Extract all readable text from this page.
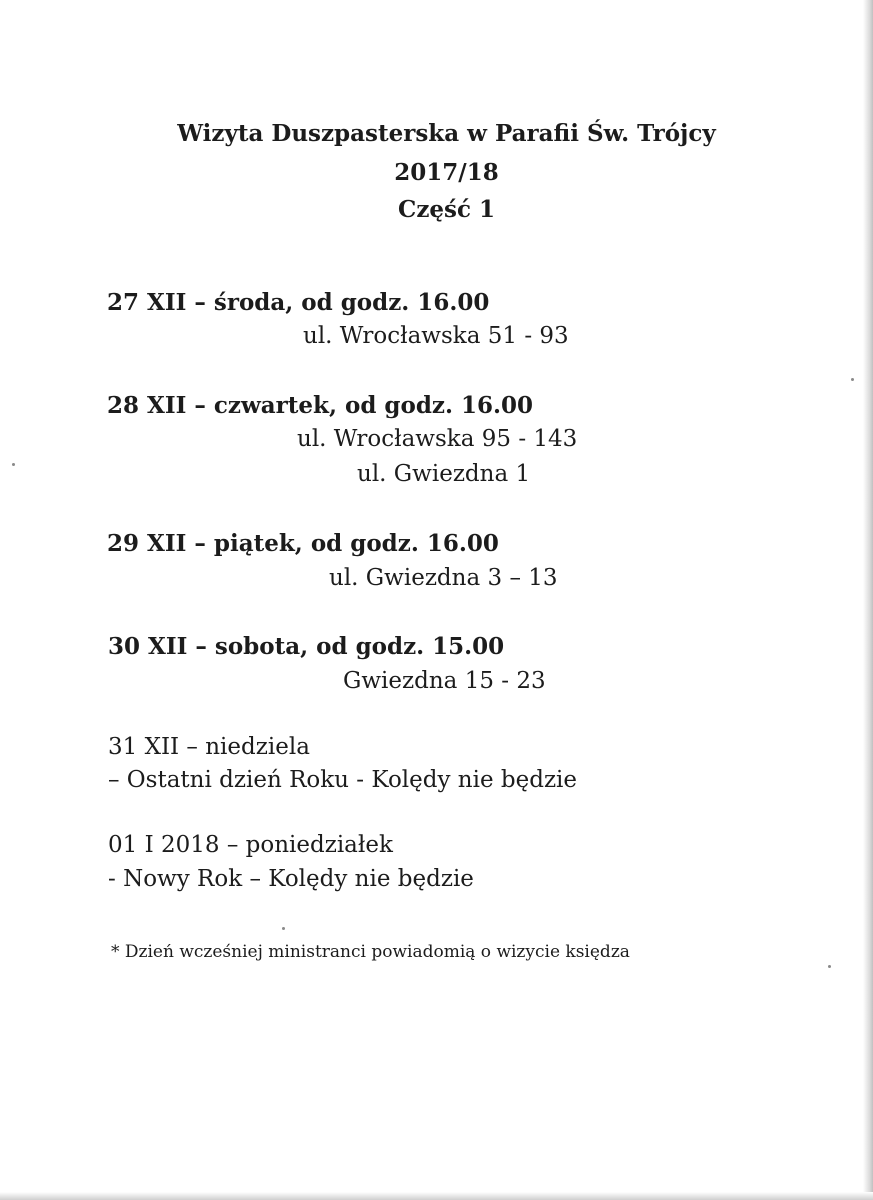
Wizyta Duszpasterska w Parafii Św. Trójcy
2017/18
Część 1
27 XII – środa, od godz. 16.00
ul. Wrocławska 51 - 93
28 XII – czwartek, od godz. 16.00
ul. Wrocławska 95 - 143
ul. Gwiezdna 1
29 XII – piątek, od godz. 16.00
ul. Gwiezdna 3 – 13
30 XII – sobota, od godz. 15.00
Gwiezdna 15 - 23
31 XII – niedziela
– Ostatni dzień Roku - Kolędy nie będzie
01 I 2018 – poniedziałek
- Nowy Rok – Kolędy nie będzie
* Dzień wcześniej ministranci powiadomią o wizycie księdza
